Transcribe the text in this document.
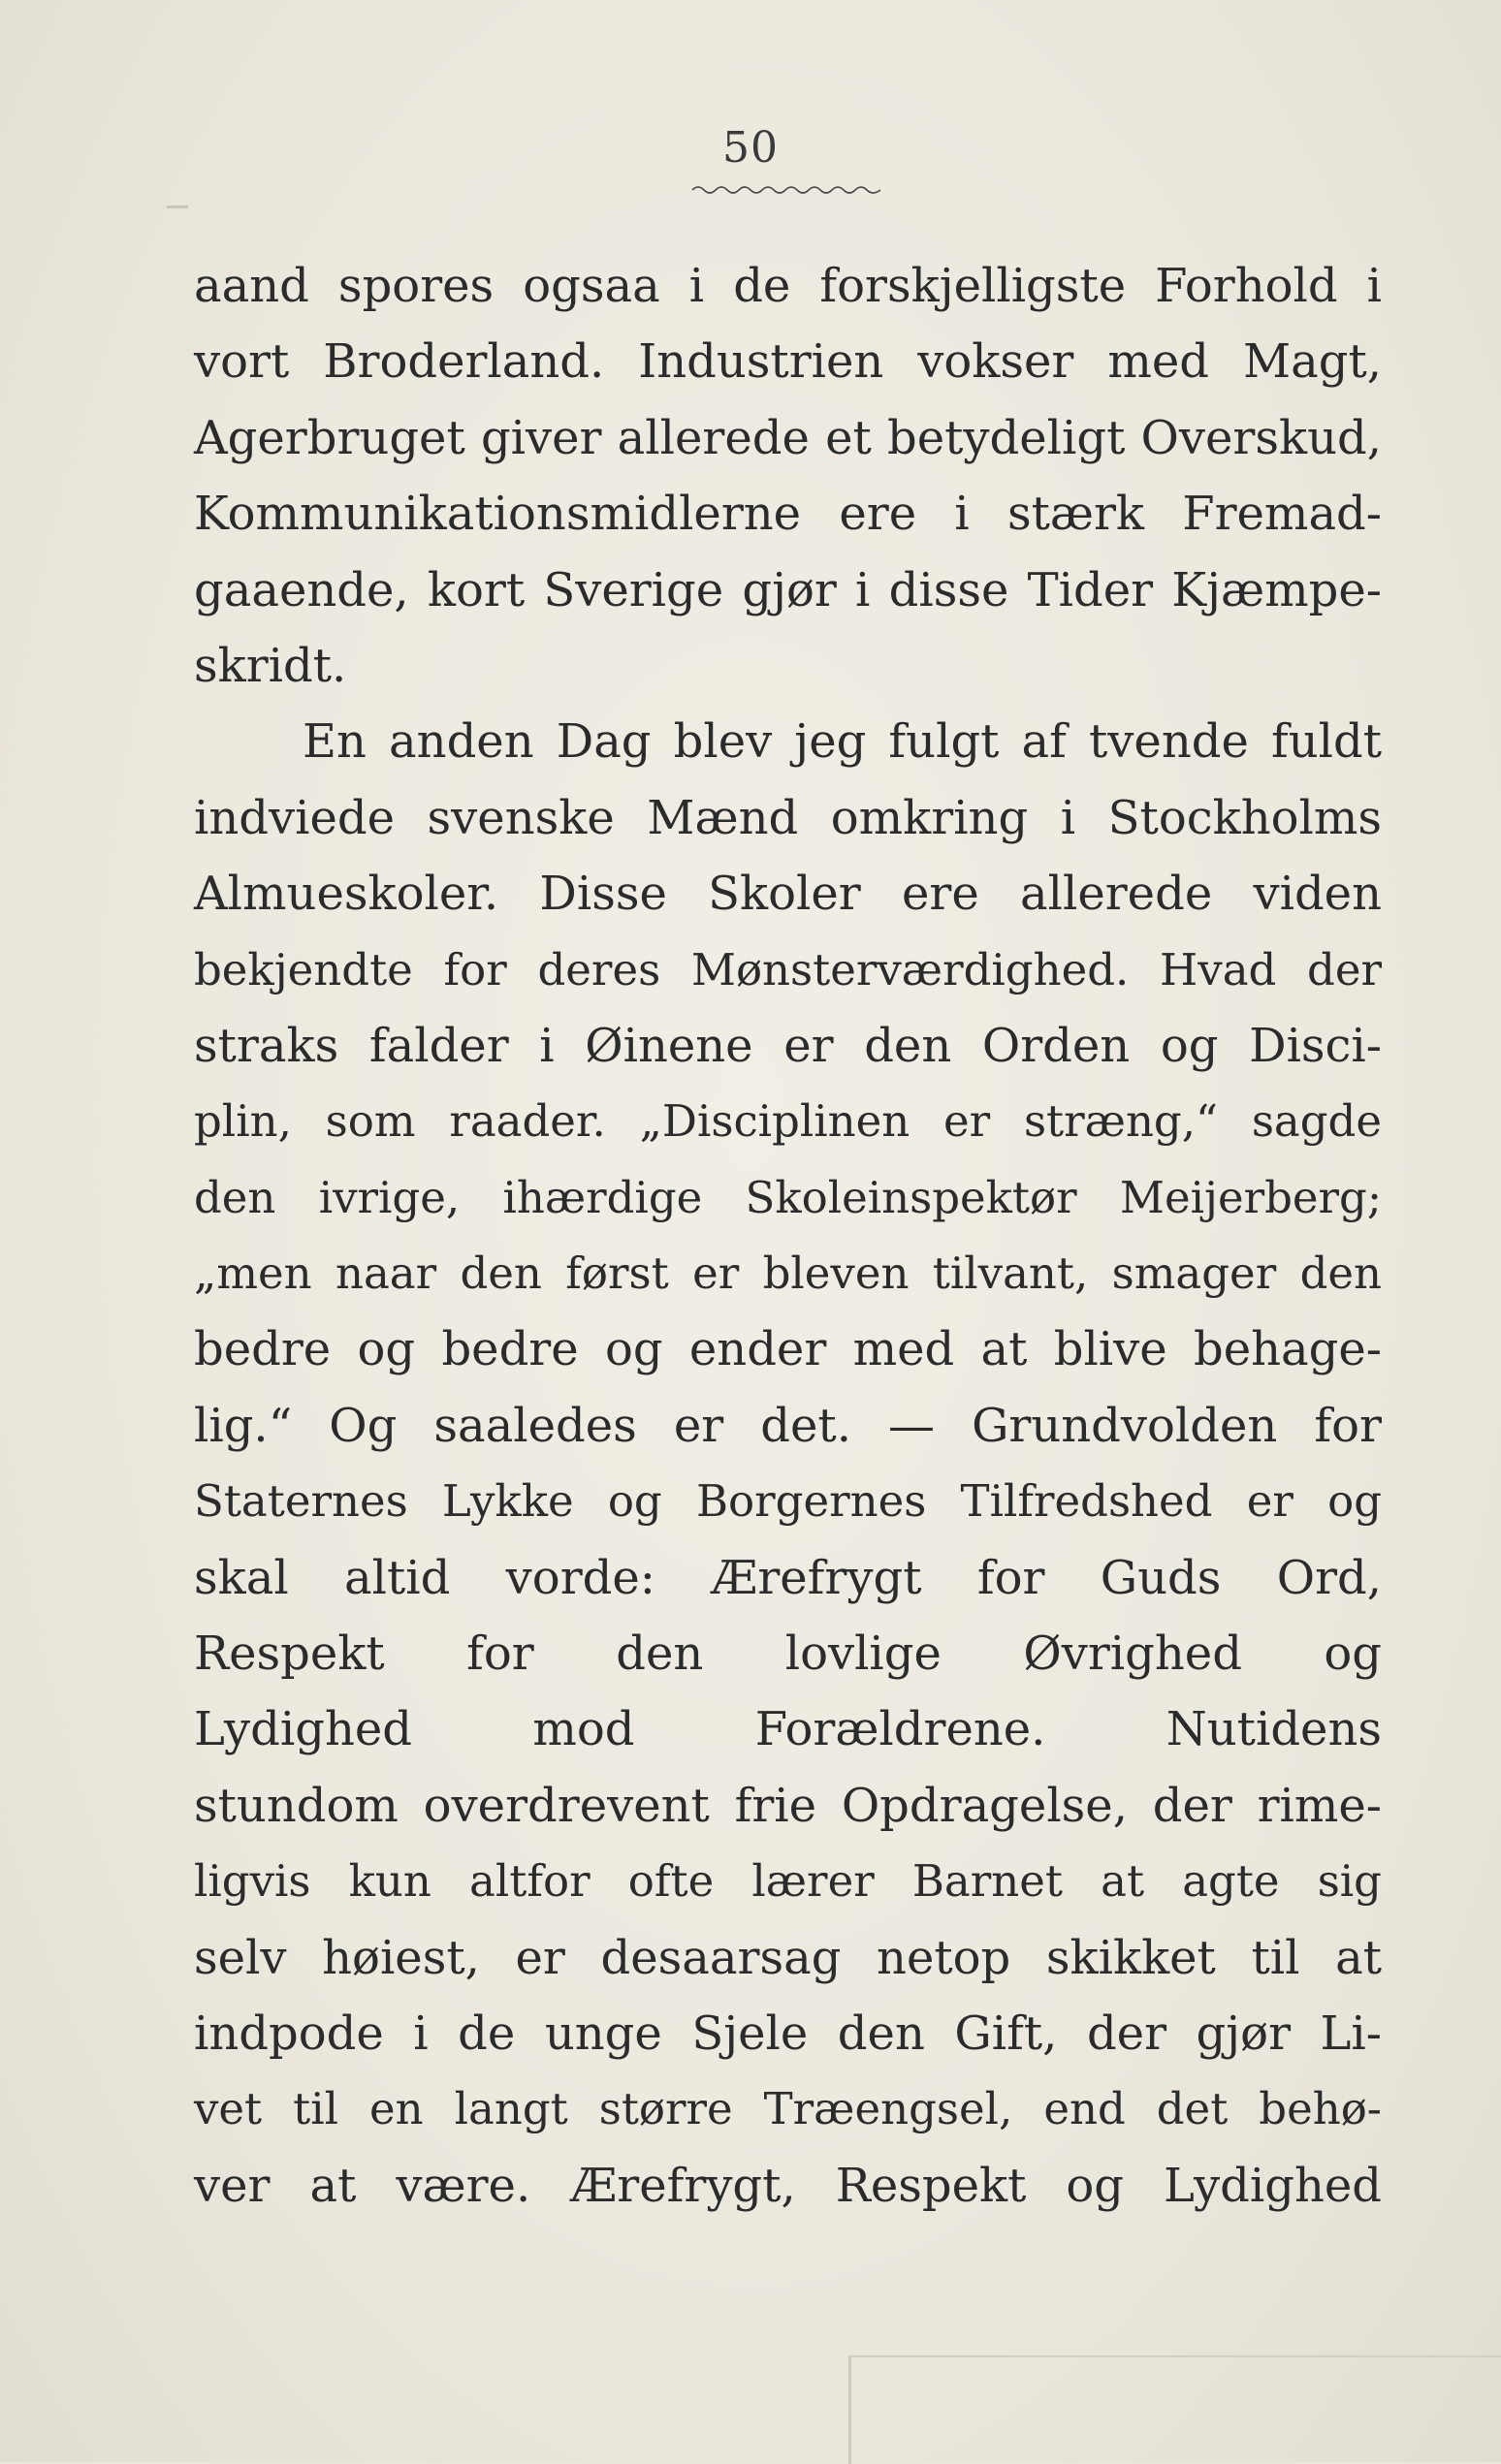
50
aand spores ogsaa i de forskjelligste Forhold i
vort Broderland. Industrien vokser med Magt,
Agerbruget giver allerede et betydeligt Overskud,
Kommunikationsmidlerne ere i stærk Fremad-
gaaende, kort Sverige gjør i disse Tider Kjæmpe-
skridt.
En anden Dag blev jeg fulgt af tvende fuldt
indviede svenske Mænd omkring i Stockholms
Almueskoler. Disse Skoler ere allerede viden
bekjendte for deres Mønsterværdighed. Hvad der
straks falder i Øinene er den Orden og Disci-
plin, som raader. „Disciplinen er stræng,“ sagde
den ivrige, ihærdige Skoleinspektør Meijerberg;
„men naar den først er bleven tilvant, smager den
bedre og bedre og ender med at blive behage-
lig.“ Og saaledes er det. — Grundvolden for
Staternes Lykke og Borgernes Tilfredshed er og
skal altid vorde: Ærefrygt for Guds Ord,
Respekt for den lovlige Øvrighed og
Lydighed mod Forældrene. Nutidens
stundom overdrevent frie Opdragelse, der rime-
ligvis kun altfor ofte lærer Barnet at agte sig
selv høiest, er desaarsag netop skikket til at
indpode i de unge Sjele den Gift, der gjør Li-
vet til en langt større Træengsel, end det behø-
ver at være. Ærefrygt, Respekt og Lydighed
